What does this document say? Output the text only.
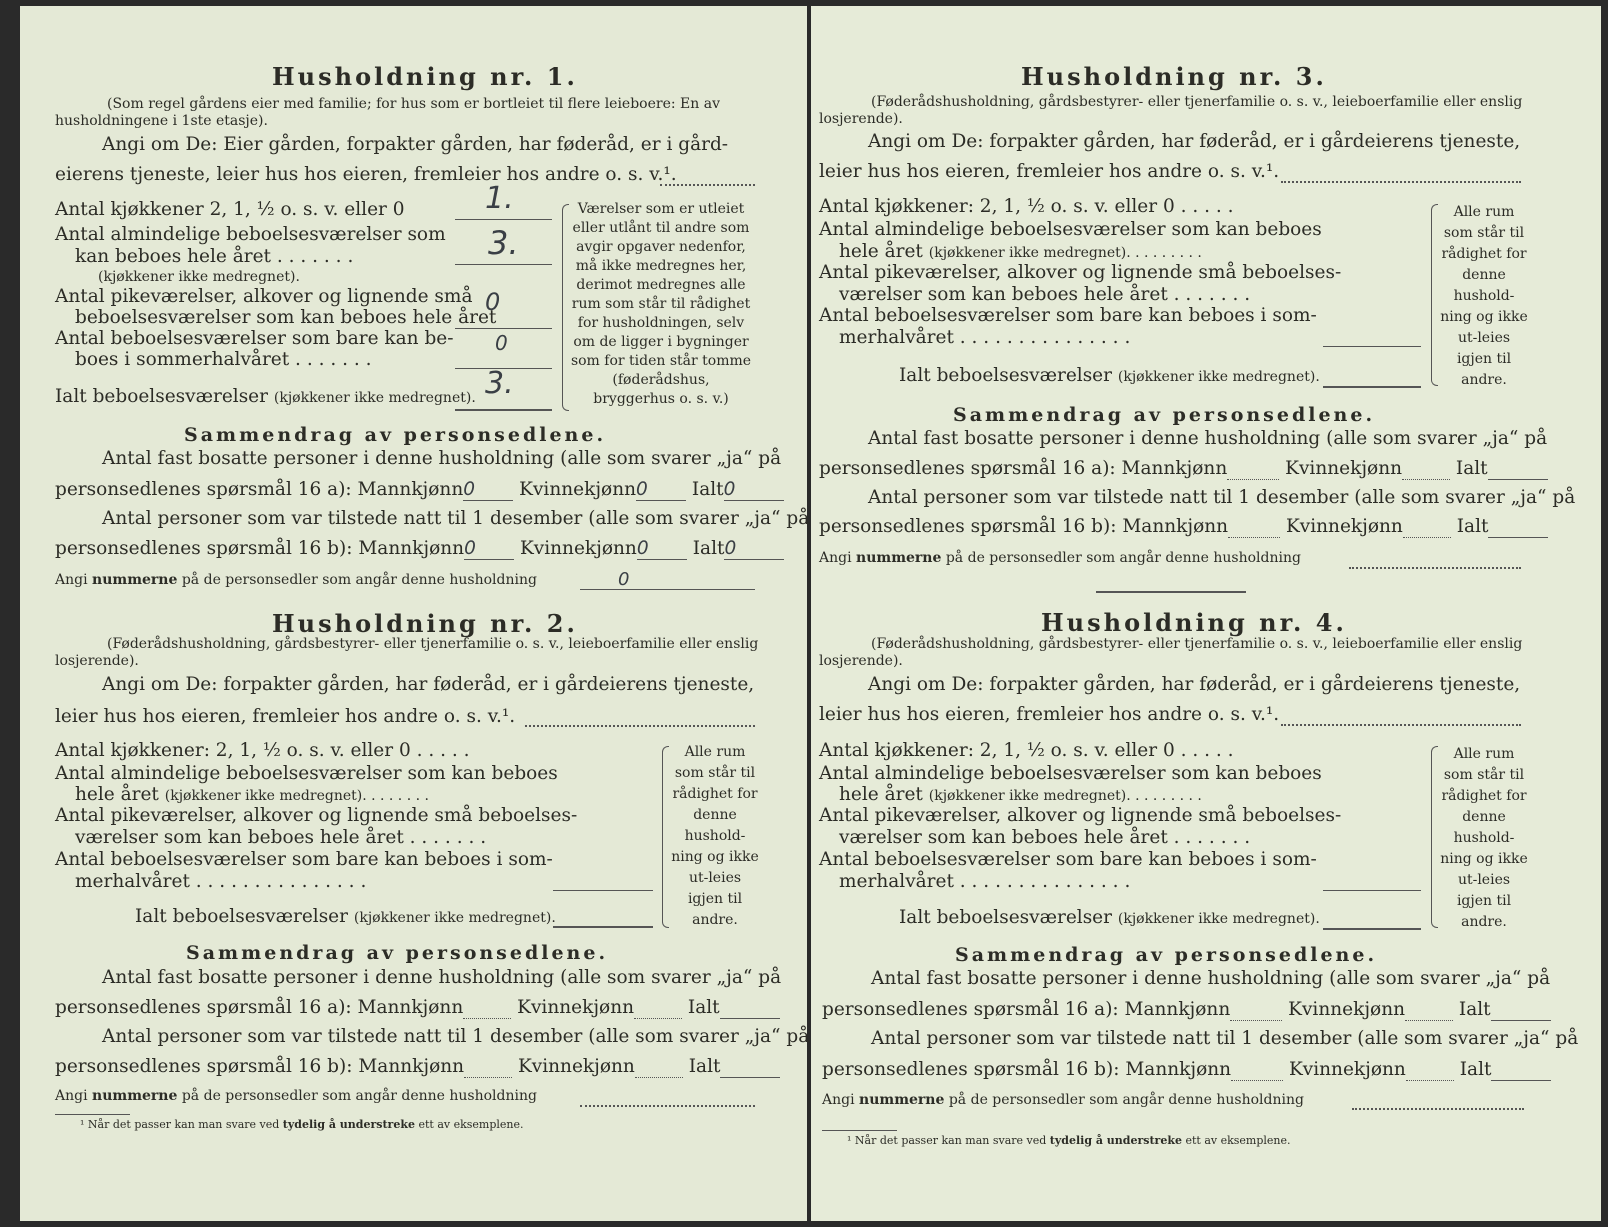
Husholdning nr. 1.
(Som regel gårdens eier med familie; for hus som er bortleiet til flere leieboere: En av husholdningene i 1ste etasje).
Angi om De: Eier gården, forpakter gården, har føderåd, er i gård-
eierens tjeneste, leier hus hos eieren, fremleier hos andre o. s. v.¹.
Antal kjøkkener 2, 1, ½ o. s. v. eller 0	1.
Antal almindelige beboelsesværelser som
kan beboes hele året . . . . . . .
(kjøkkener ikke medregnet).
3.
Antal pikeværelser, alkover og lignende små
beboelsesværelser som kan beboes hele året
0
Antal beboelsesværelser som bare kan be-
boes i sommerhalvåret . . . . . . .
0
Ialt beboelsesværelser (kjøkkener ikke medregnet). 3.
Værelser som er utleiet eller utlånt til andre som avgir opgaver nedenfor, må ikke medregnes her, derimot medregnes alle rum som står til rådighet for husholdningen, selv om de ligger i bygninger som for tiden står tomme (føderådshus, bryggerhus o. s. v.)
Sammendrag av personsedlene.
Antal fast bosatte personer i denne husholdning (alle som svarer „ja“ på
personsedlenes spørsmål 16 a): Mannkjønn0 Kvinnekjønn0 Ialt0
Antal personer som var tilstede natt til 1 desember (alle som svarer „ja“ på
personsedlenes spørsmål 16 b): Mannkjønn0 Kvinnekjønn0 Ialt0
Angi nummerne på de personsedler som angår denne husholdning	0
Husholdning nr. 2.
(Føderådshusholdning, gårdsbestyrer- eller tjenerfamilie o. s. v., leieboerfamilie eller enslig losjerende).
Angi om De: forpakter gården, har føderåd, er i gårdeierens tjeneste,
leier hus hos eieren, fremleier hos andre o. s. v.¹.
Antal kjøkkener: 2, 1, ½ o. s. v. eller 0 . . . . .
Antal almindelige beboelsesværelser som kan beboes
hele året (kjøkkener ikke medregnet). . . . . . . .
Antal pikeværelser, alkover og lignende små beboelses-
værelser som kan beboes hele året . . . . . . .
Antal beboelsesværelser som bare kan beboes i som-
merhalvåret . . . . . . . . . . . . . . .
Ialt beboelsesværelser (kjøkkener ikke medregnet).
Alle rum som står til rådighet for denne hushold-ning og ikke ut-leies igjen til andre.
Sammendrag av personsedlene.
Antal fast bosatte personer i denne husholdning (alle som svarer „ja“ på
personsedlenes spørsmål 16 a): Mannkjønn	Kvinnekjønn	Ialt
Antal personer som var tilstede natt til 1 desember (alle som svarer „ja“ på
personsedlenes spørsmål 16 b): Mannkjønn	Kvinnekjønn	Ialt
Angi nummerne på de personsedler som angår denne husholdning
¹ Når det passer kan man svare ved tydelig å understreke ett av eksemplene.
Husholdning nr. 3.
(Føderådshusholdning, gårdsbestyrer- eller tjenerfamilie o. s. v., leieboerfamilie eller enslig losjerende).
Angi om De: forpakter gården, har føderåd, er i gårdeierens tjeneste,
leier hus hos eieren, fremleier hos andre o. s. v.¹.
Antal kjøkkener: 2, 1, ½ o. s. v. eller 0 . . . . .
Antal almindelige beboelsesværelser som kan beboes
hele året (kjøkkener ikke medregnet). . . . . . . . .
Antal pikeværelser, alkover og lignende små beboelses-
værelser som kan beboes hele året . . . . . . .
Antal beboelsesværelser som bare kan beboes i som-
merhalvåret . . . . . . . . . . . . . . .
Ialt beboelsesværelser (kjøkkener ikke medregnet).
Alle rum som står til rådighet for denne hushold-ning og ikke ut-leies igjen til andre.
Sammendrag av personsedlene.
Antal fast bosatte personer i denne husholdning (alle som svarer „ja“ på
personsedlenes spørsmål 16 a): Mannkjønn	Kvinnekjønn	Ialt
Antal personer som var tilstede natt til 1 desember (alle som svarer „ja“ på
personsedlenes spørsmål 16 b): Mannkjønn	Kvinnekjønn	Ialt
Angi nummerne på de personsedler som angår denne husholdning
Husholdning nr. 4.
(Føderådshusholdning, gårdsbestyrer- eller tjenerfamilie o. s. v., leieboerfamilie eller enslig losjerende).
Angi om De: forpakter gården, har føderåd, er i gårdeierens tjeneste,
leier hus hos eieren, fremleier hos andre o. s. v.¹.
Antal kjøkkener: 2, 1, ½ o. s. v. eller 0 . . . . .
Antal almindelige beboelsesværelser som kan beboes
hele året (kjøkkener ikke medregnet). . . . . . . . .
Antal pikeværelser, alkover og lignende små beboelses-
værelser som kan beboes hele året . . . . . . .
Antal beboelsesværelser som bare kan beboes i som-
merhalvåret . . . . . . . . . . . . . . .
Ialt beboelsesværelser (kjøkkener ikke medregnet).
Alle rum som står til rådighet for denne hushold-ning og ikke ut-leies igjen til andre.
Sammendrag av personsedlene.
Antal fast bosatte personer i denne husholdning (alle som svarer „ja“ på
personsedlenes spørsmål 16 a): Mannkjønn	Kvinnekjønn	Ialt
Antal personer som var tilstede natt til 1 desember (alle som svarer „ja“ på
personsedlenes spørsmål 16 b): Mannkjønn	Kvinnekjønn	Ialt
Angi nummerne på de personsedler som angår denne husholdning
¹ Når det passer kan man svare ved tydelig å understreke ett av eksemplene.
